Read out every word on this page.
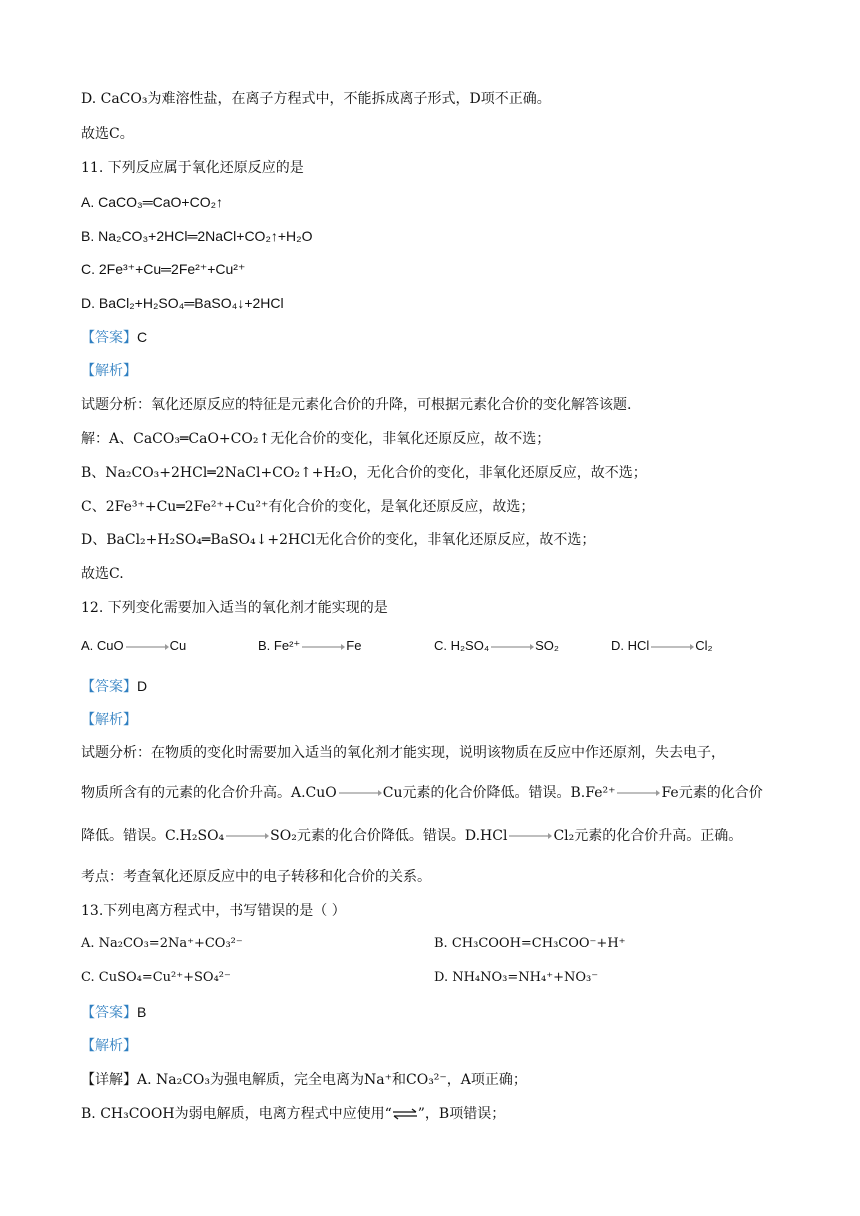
D. CaCO₃为难溶性盐，在离子方程式中，不能拆成离子形式，D项不正确。
故选C。
11. 下列反应属于氧化还原反应的是
A. CaCO₃═CaO+CO₂↑
B. Na₂CO₃+2HCl═2NaCl+CO₂↑+H₂O
C. 2Fe³⁺+Cu═2Fe²⁺+Cu²⁺
D. BaCl₂+H₂SO₄═BaSO₄↓+2HCl
【答案】C
【解析】
试题分析：氧化还原反应的特征是元素化合价的升降，可根据元素化合价的变化解答该题.
解：A、CaCO₃═CaO+CO₂↑无化合价的变化，非氧化还原反应，故不选；
B、Na₂CO₃+2HCl═2NaCl+CO₂↑+H₂O，无化合价的变化，非氧化还原反应，故不选；
C、2Fe³⁺+Cu═2Fe²⁺+Cu²⁺有化合价的变化，是氧化还原反应，故选；
D、BaCl₂+H₂SO₄═BaSO₄↓+2HCl无化合价的变化，非氧化还原反应，故不选；
故选C.
12. 下列变化需要加入适当的氧化剂才能实现的是
A. CuO	Cu	B. Fe²⁺	Fe	C. H₂SO₄	SO₂	D. HCl	Cl₂
【答案】D
【解析】
试题分析：在物质的变化时需要加入适当的氧化剂才能实现，说明该物质在反应中作还原剂，失去电子，
物质所含有的元素的化合价升高。A.CuO	Cu元素的化合价降低。错误。B.Fe²⁺	Fe元素的化合价
降低。错误。C.H₂SO₄	SO₂元素的化合价降低。错误。D.HCl	Cl₂元素的化合价升高。正确。
考点：考查氧化还原反应中的电子转移和化合价的关系。
13.下列电离方程式中，书写错误的是（ ）
A. Na₂CO₃=2Na⁺+CO₃²⁻	B. CH₃COOH=CH₃COO⁻+H⁺
C. CuSO₄=Cu²⁺+SO₄²⁻	D. NH₄NO₃=NH₄⁺+NO₃⁻
【答案】B
【解析】
【详解】A. Na₂CO₃为强电解质，完全电离为Na⁺和CO₃²⁻，A项正确；
B. CH₃COOH为弱电解质，电离方程式中应使用“⇌”，B项错误；
